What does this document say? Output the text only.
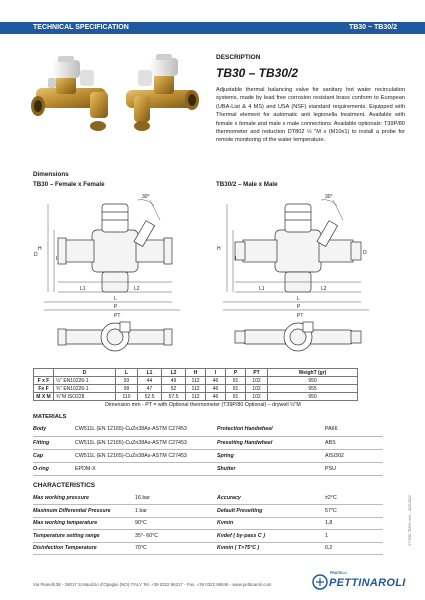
TECHNICAL SPECIFICATION	TB30 ~ TB30/2
DESCRIPTION
TB30 – TB30/2
Adjustable thermal balancing valve for sanitary hot water recirculation systems, made by lead free corrosion resistant brass conform to European (UBA-List & 4 MS) and USA (NSF) standard requirements. Equipped with Thermal element for automatic anti legionella treatment. Available with female x female and male x male connections. Available optionals: T39P/80 thermometer and reduction DT802 ½ "M x (M10x1) to install a probe for remote monitoring of the water temperature.
Dimensions
TB30 – Female x Female	TB30/2 – Male x Male
30°
H
I
D
L1	L2
L
P
PT
30°
H
I
D
L1	L2
L
P
PT
	D	L	L1	L2	H	I	P	PT	WeighT (gr)
F x F	½" EN10226-1	93	44	49	112	46	91	102	950
Fx F	¾" EN10226-1	99	47	52	112	46	91	102	955
M X M	¾"M ISO228	110	52.5	57.5	112	46	91	102	950
Dimension mm - PT = with Optional thermometer (T39P/80 Optional) – drywell ½"M
MATERIALS
Body	CW511L (EN 12165)-CuZn38As-ASTM C27453	Protection Handwheel	PA66
Fitting	CW511L (EN 12165)-CuZn38As-ASTM C27453	Presetting Handwheel	ABS
Cap	CW511L (EN 12165)-CuZn38As-ASTM C27453	Spring	AISI302
O-ring	EPDM-X	Shutter	PSU
CHARACTERISTICS
Max working pressure	16 bar	Accuracy	±2°C
Maximum Differential Pressure	1 bar	Default Presetting	57°C
Max working temperature	90°C	Kvmin	1,8
Temperature setting range	35°- 60°C	Kvdef ( by-pass C )	1
Disinfection Temperature	70°C	Kvmin ( T>75°C )	0,2
ST.TB30-TB30/2 rev.0 – 01/01/2022
Via Pianelli,38 - 28017 S.Maurizio d'Opaglio (NO) ITALY Tel. +39 0322 96217 - Fax. +39 0322 96546 - www.pettinaroli.com
FRATELLI
PETTINAROLI
